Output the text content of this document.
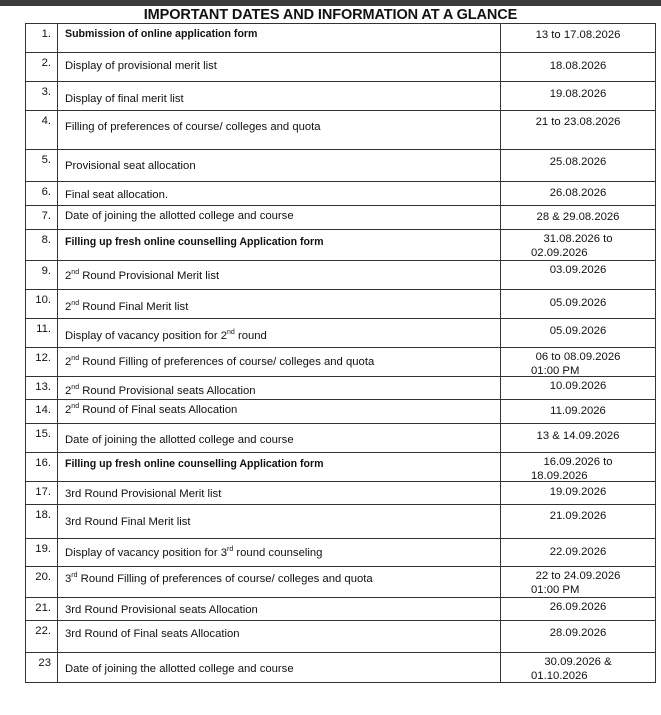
IMPORTANT DATES AND INFORMATION AT A GLANCE
1.	Submission of online application form	13 to 17.08.2026

2.	Display of provisional merit list	18.08.2026

3.	Display of final merit list	19.08.2026

4.	Filling of preferences of course/ colleges and quota	21 to 23.08.2026

5.	Provisional seat allocation	25.08.2026

6.	Final seat allocation.	26.08.2026

7.	Date of joining the allotted college and course	28 & 29.08.2026

8.	Filling up fresh online counselling Application form	31.08.2026 to
02.09.2026

9.	2nd Round Provisional Merit list	03.09.2026

10.	2nd Round Final Merit list	05.09.2026

11.	Display of vacancy position for 2nd round	05.09.2026

12.	2nd Round Filling of preferences of course/ colleges and quota	06 to 08.09.2026
01:00 PM

13.	2nd Round Provisional seats Allocation	10.09.2026

14.	2nd Round of Final seats Allocation	11.09.2026

15.	Date of joining the allotted college and course	13 & 14.09.2026

16.	Filling up fresh online counselling Application form	16.09.2026 to
18.09.2026

17.	3rd Round Provisional Merit list	19.09.2026

18.	3rd Round Final Merit list	21.09.2026

19.	Display of vacancy position for 3rd round counseling	22.09.2026

20.	3rd Round Filling of preferences of course/ colleges and quota	22 to 24.09.2026
01:00 PM

21.	3rd Round Provisional seats Allocation	26.09.2026

22.	3rd Round of Final seats Allocation	28.09.2026

23	Date of joining the allotted college and course	30.09.2026 &
01.10.2026
